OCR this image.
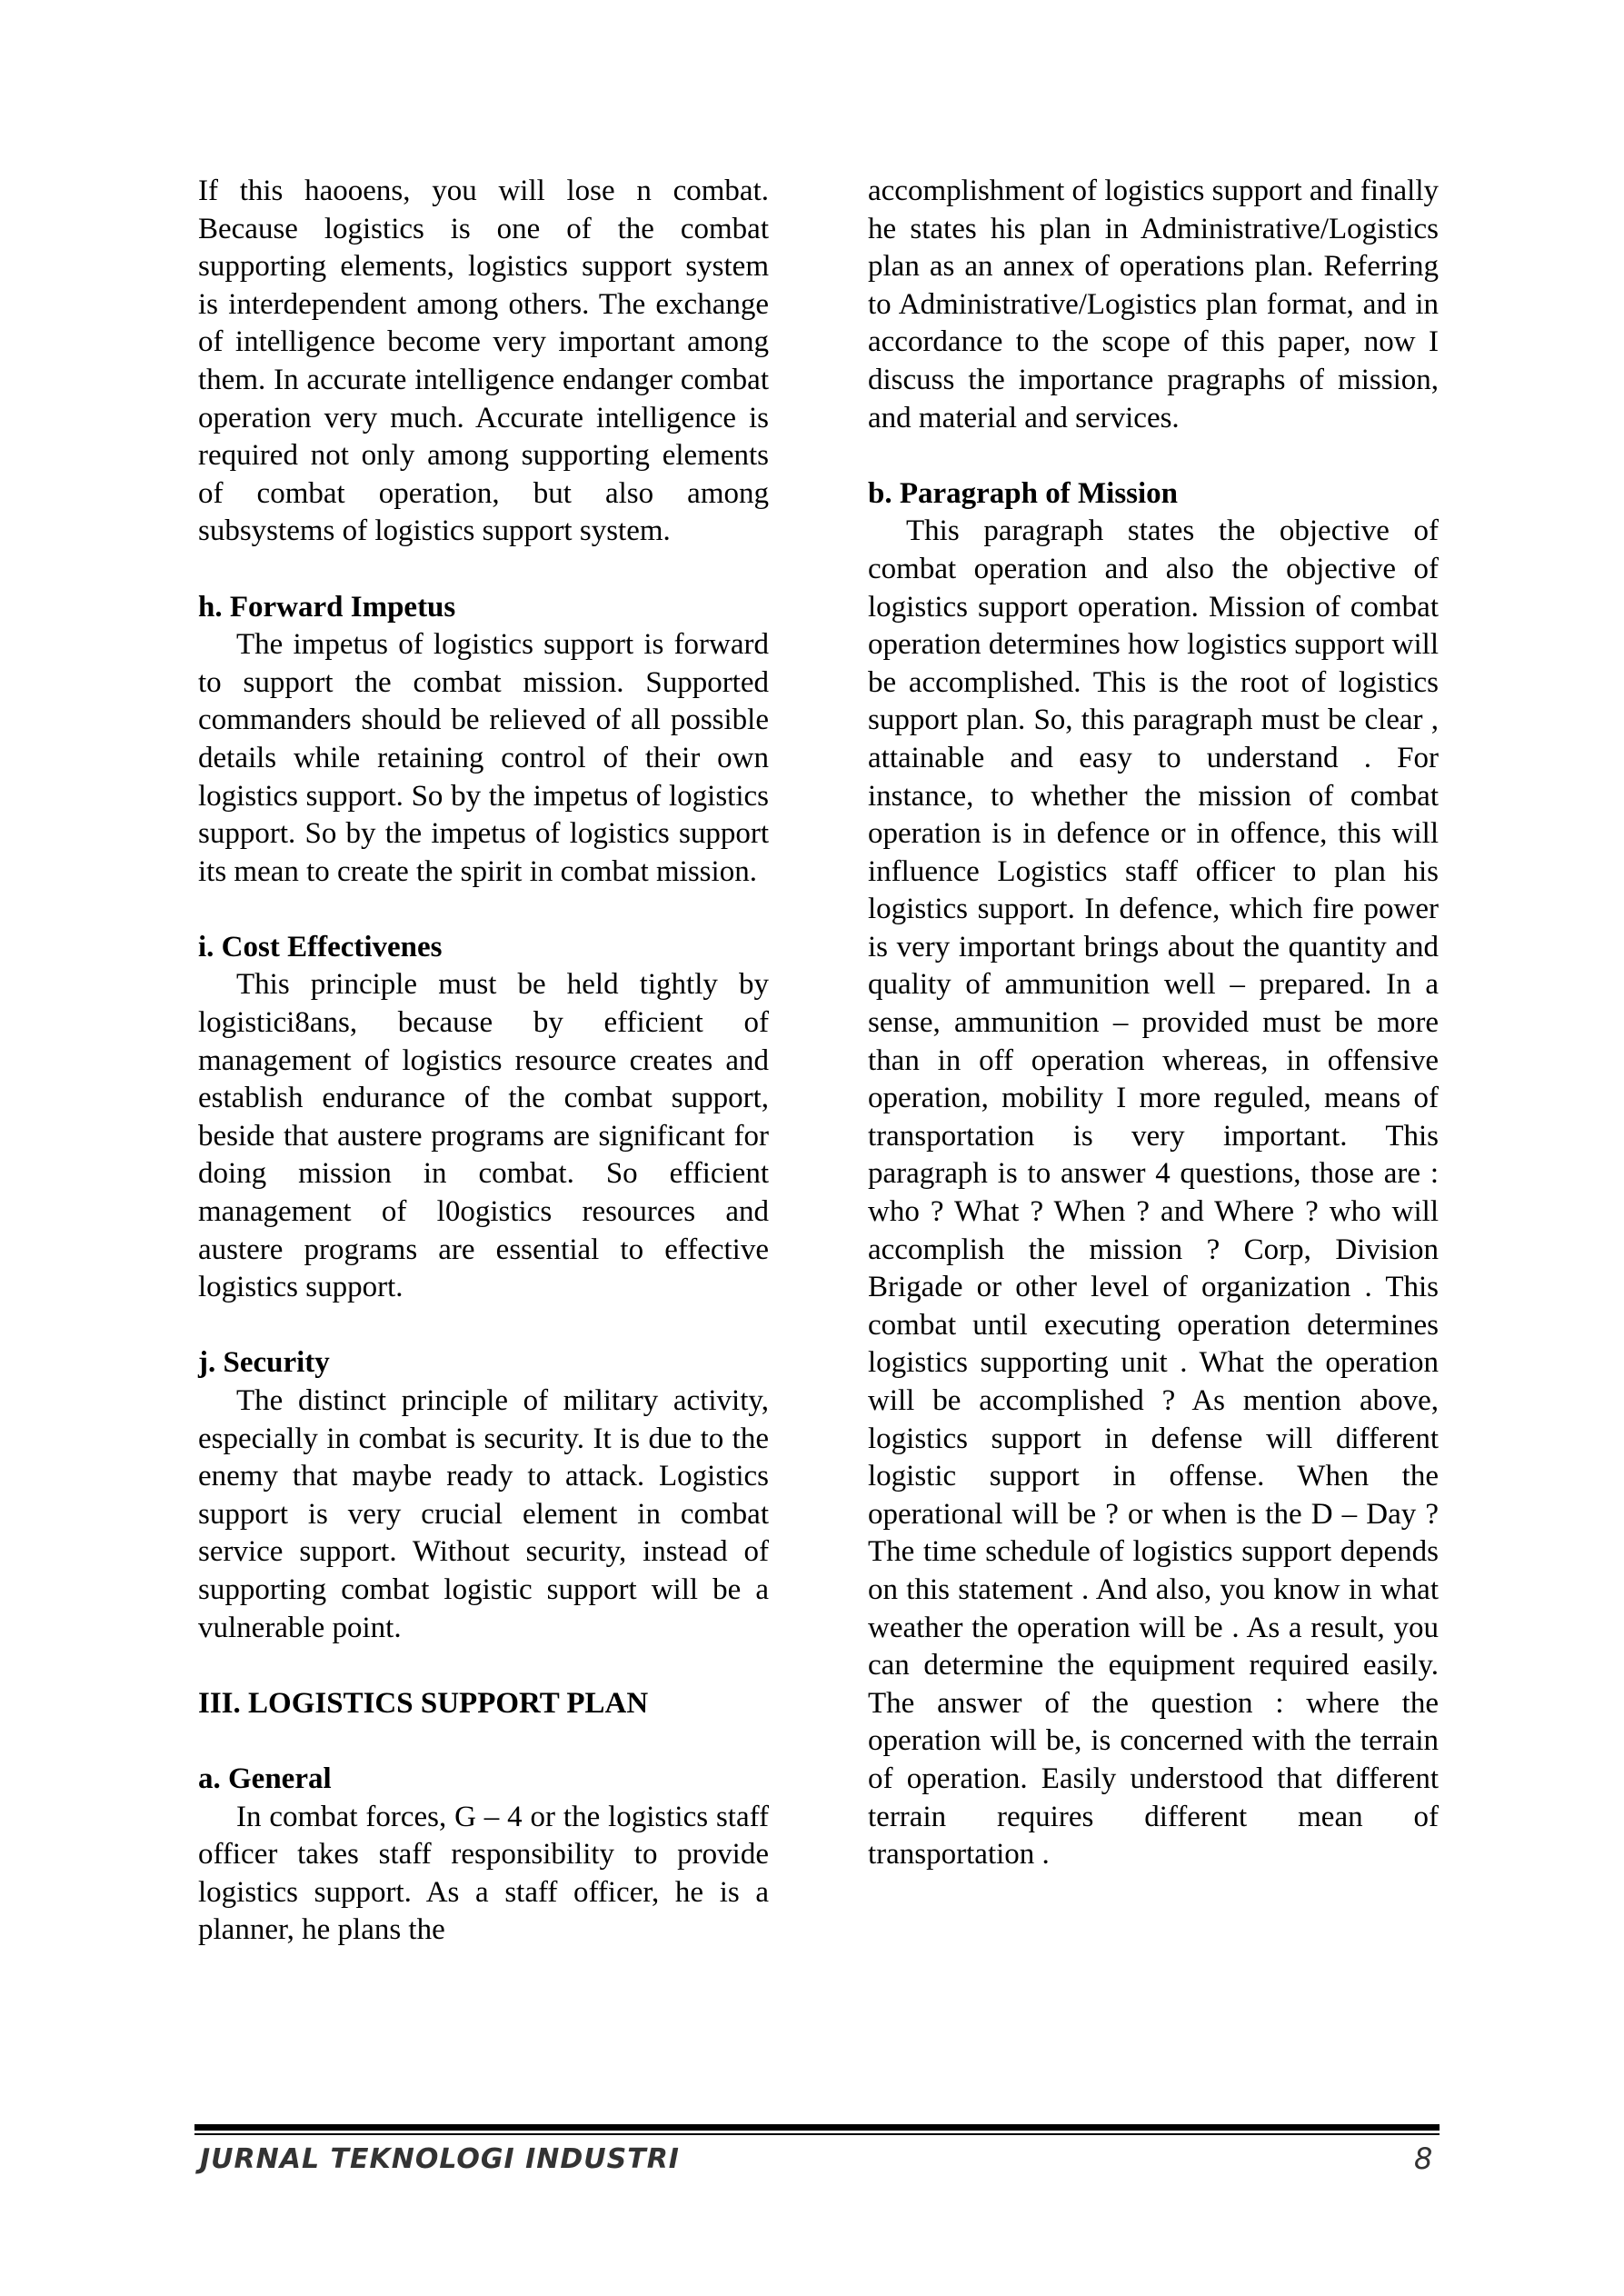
If this haooens, you will lose n combat. Because logistics is one of the combat supporting elements, logistics support system is interdependent among others. The exchange of intelligence become very important among them. In accurate intelligence endanger combat operation very much. Accurate intelligence is required not only among supporting elements of combat operation, but also among subsystems of logistics support system.

h. Forward Impetus

The impetus of logistics support is forward to support the combat mission. Supported commanders should be relieved of all possible details while retaining control of their own logistics support. So by the impetus of logistics support. So by the impetus of logistics support its mean to create the spirit in combat mission.

i. Cost Effectivenes

This principle must be held tightly by logistici8ans, because by efficient of management of logistics resource creates and establish endurance of the combat support, beside that austere programs are significant for doing mission in combat. So efficient management of l0ogistics resources and austere programs are essential to effective logistics support.

j. Security

The distinct principle of military activity, especially in combat is security. It is due to the enemy that maybe ready to attack. Logistics support is very crucial element in combat service support. Without security, instead of supporting combat logistic support will be a vulnerable point.

III. LOGISTICS SUPPORT PLAN
a. General

In combat forces, G – 4 or the logistics staff officer takes staff responsibility to provide logistics support. As a staff officer, he is a planner, he plans the

accomplishment of logistics support and finally he states his plan in Administrative/Logistics plan as an annex of operations plan. Referring to Administrative/Logistics plan format, and in accordance to the scope of this paper, now I discuss the importance pragraphs of mission, and material and services.

b. Paragraph of Mission

This paragraph states the objective of combat operation and also the objective of logistics support operation. Mission of combat operation determines how logistics support will be accomplished. This is the root of logistics support plan. So, this paragraph must be clear , attainable and easy to understand . For instance, to whether the mission of combat operation is in defence or in offence, this will influence Logistics staff officer to plan his logistics support. In defence, which fire power is very important brings about the quantity and quality of ammunition well – prepared. In a sense, ammunition – provided must be more than in off operation whereas, in offensive operation, mobility I more reguled, means of transportation is very important. This paragraph is to answer 4 questions, those are : who ? What ? When ? and Where ? who will accomplish the mission ? Corp, Division Brigade or other level of organization . This combat until executing operation determines logistics supporting unit . What the operation will be accomplished ? As mention above, logistics support in defense will different logistic support in offense. When the operational will be ? or when is the D – Day ? The time schedule of logistics support depends on this statement . And also, you know in what weather the operation will be . As a result, you can determine the equipment required easily. The answer of the question : where the operation will be, is concerned with the terrain of operation. Easily understood that different terrain requires different mean of transportation .

JURNAL TEKNOLOGI INDUSTRI	8
